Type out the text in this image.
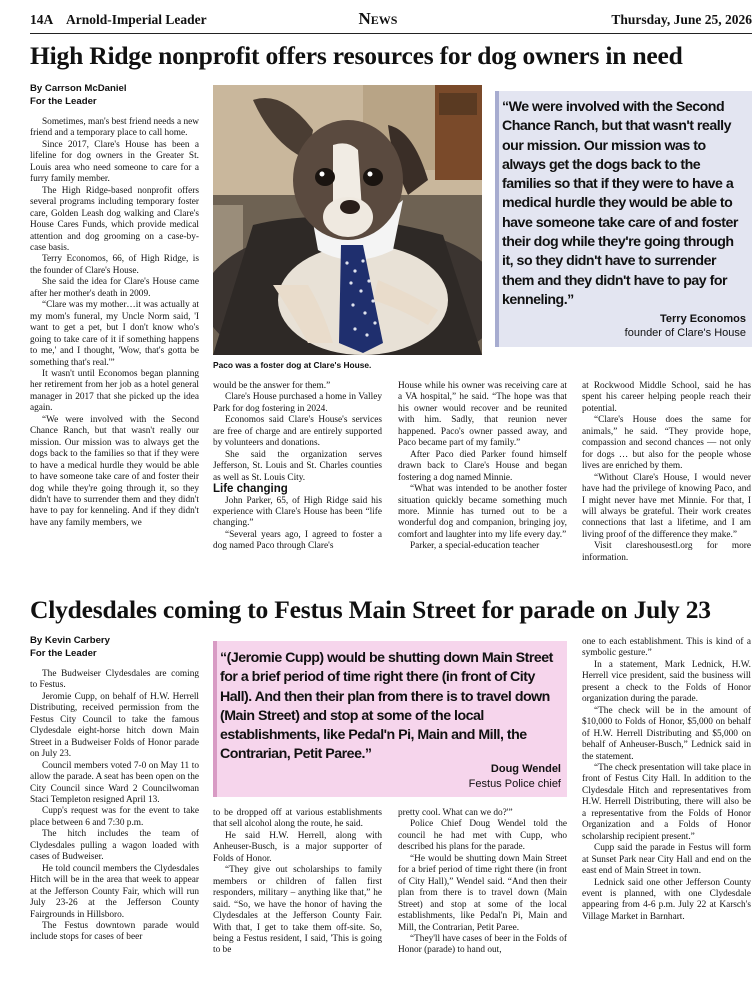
14A Arnold-Imperial Leader	News	Thursday, June 25, 2026
High Ridge nonprofit offers resources for dog owners in need
By Carrson McDaniel
For the Leader

Sometimes, man's best friend needs a new friend and a temporary place to call home.

Since 2017, Clare's House has been a lifeline for dog owners in the Greater St. Louis area who need someone to care for a furry family member.

The High Ridge-based nonprofit offers several programs including temporary foster care, Golden Leash dog walking and Clare's House Cares Funds, which provide medical attention and dog grooming on a case-by-case basis.

Terry Economos, 66, of High Ridge, is the founder of Clare's House.

She said the idea for Clare's House came after her mother's death in 2009.

“Clare was my mother…it was actually at my mom's funeral, my Uncle Norm said, 'I want to get a pet, but I don't know who's going to take care of it if something happens to me,' and I thought, 'Wow, that's gotta be something that's real.'”

It wasn't until Economos began planning her retirement from her job as a hotel general manager in 2017 that she picked up the idea again.

“We were involved with the Second Chance Ranch, but that wasn't really our mission. Our mission was to always get the dogs back to the families so that if they were to have a medical hurdle they would be able to have someone take care of and foster their dog while they're going through it, so they didn't have to surrender them and they didn't have to pay for kenneling. And if they didn't have any family members, we

Paco was a foster dog at Clare's House.
“We were involved with the Second Chance Ranch, but that wasn't really our mission. Our mission was to always get the dogs back to the families so that if they were to have a medical hurdle they would be able to have someone take care of and foster their dog while they're going through it, so they didn't have to surrender them and they didn't have to pay for kenneling.”
Terry Economos
founder of Clare's House

would be the answer for them.”

Clare's House purchased a home in Valley Park for dog fostering in 2024.

Economos said Clare's House's services are free of charge and are entirely supported by volunteers and donations.

She said the organization serves Jefferson, St. Louis and St. Charles counties as well as St. Louis City.

Life changing

John Parker, 65, of High Ridge said his experience with Clare's House has been “life changing.”

“Several years ago, I agreed to foster a dog named Paco through Clare's

House while his owner was receiving care at a VA hospital,” he said. “The hope was that his owner would recover and be reunited with him. Sadly, that reunion never happened. Paco's owner passed away, and Paco became part of my family.”

After Paco died Parker found himself drawn back to Clare's House and began fostering a dog named Minnie.

“What was intended to be another foster situation quickly became something much more. Minnie has turned out to be a wonderful dog and companion, bringing joy, comfort and laughter into my life every day.”

Parker, a special-education teacher

at Rockwood Middle School, said he has spent his career helping people reach their potential.

“Clare's House does the same for animals,” he said. “They provide hope, compassion and second chances — not only for dogs … but also for the people whose lives are enriched by them.

“Without Clare's House, I would never have had the privilege of knowing Paco, and I might never have met Minnie. For that, I will always be grateful. Their work creates connections that last a lifetime, and I am living proof of the difference they make.”

Visit clareshousestl.org for more information.

Clydesdales coming to Festus Main Street for parade on July 23
By Kevin Carbery
For the Leader

The Budweiser Clydesdales are coming to Festus.

Jeromie Cupp, on behalf of H.W. Herrell Distributing, received permission from the Festus City Council to take the famous Clydesdale eight-horse hitch down Main Street in a Budweiser Folds of Honor parade on July 23.

Council members voted 7-0 on May 11 to allow the parade. A seat has been open on the City Council since Ward 2 Councilwoman Staci Templeton resigned April 13.

Cupp's request was for the event to take place between 6 and 7:30 p.m.

The hitch includes the team of Clydesdales pulling a wagon loaded with cases of Budweiser.

He told council members the Clydesdales Hitch will be in the area that week to appear at the Jefferson County Fair, which will run July 23-26 at the Jefferson County Fairgrounds in Hillsboro.

The Festus downtown parade would include stops for cases of beer

“(Jeromie Cupp) would be shutting down Main Street for a brief period of time right there (in front of City Hall). And then their plan from there is to travel down (Main Street) and stop at some of the local establishments, like Pedal'n Pi, Main and Mill, the Contrarian, Petit Paree.”
Doug Wendel
Festus Police chief

to be dropped off at various establishments that sell alcohol along the route, he said.

He said H.W. Herrell, along with Anheuser-Busch, is a major supporter of Folds of Honor.

“They give out scholarships to family members or children of fallen first responders, military – anything like that,” he said. “So, we have the honor of having the Clydesdales at the Jefferson County Fair. With that, I get to take them off-site. So, being a Festus resident, I said, 'This is going to be

pretty cool. What can we do?'”

Police Chief Doug Wendel told the council he had met with Cupp, who described his plans for the parade.

“He would be shutting down Main Street for a brief period of time right there (in front of City Hall),” Wendel said. “And then their plan from there is to travel down (Main Street) and stop at some of the local establishments, like Pedal'n Pi, Main and Mill, the Contrarian, Petit Paree.

“They'll have cases of beer in the Folds of Honor (parade) to hand out,

one to each establishment. This is kind of a symbolic gesture.”

In a statement, Mark Lednick, H.W. Herrell vice president, said the business will present a check to the Folds of Honor organization during the parade.

“The check will be in the amount of $10,000 to Folds of Honor, $5,000 on behalf of H.W. Herrell Distributing and $5,000 on behalf of Anheuser-Busch,” Lednick said in the statement.

“The check presentation will take place in front of Festus City Hall. In addition to the Clydesdale Hitch and representatives from H.W. Herrell Distributing, there will also be a representative from the Folds of Honor Organization and a Folds of Honor scholarship recipient present.”

Cupp said the parade in Festus will form at Sunset Park near City Hall and end on the east end of Main Street in town.

Lednick said one other Jefferson County event is planned, with one Clydesdale appearing from 4-6 p.m. July 22 at Karsch's Village Market in Barnhart.
